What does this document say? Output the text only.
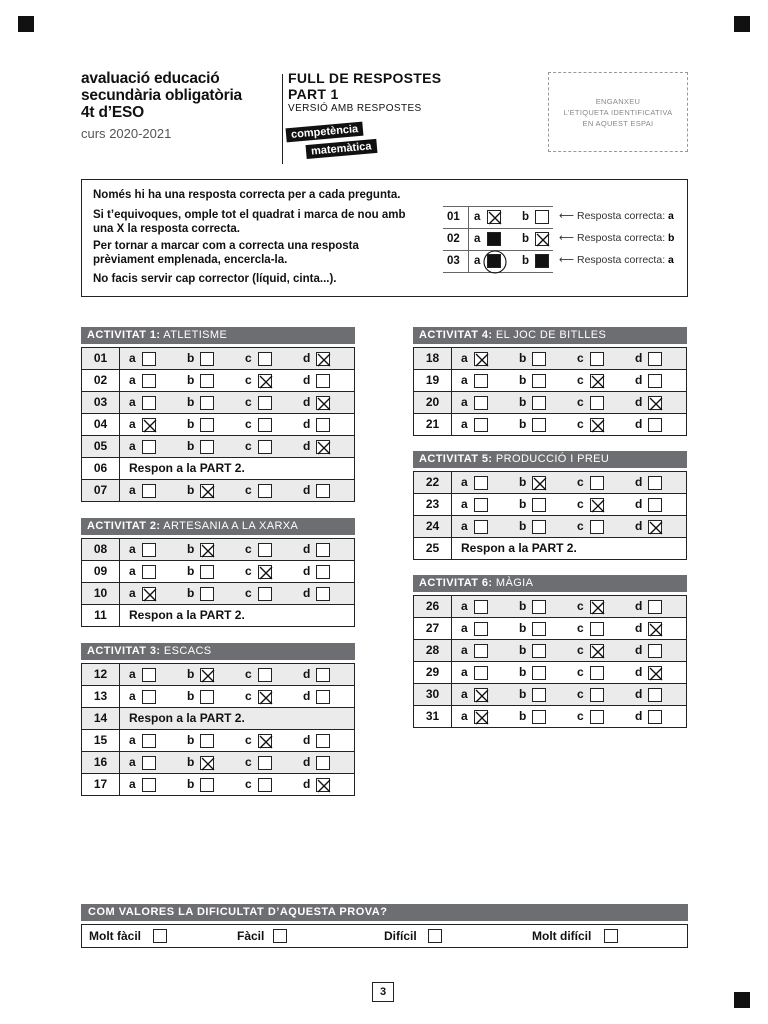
avaluació educació
secundària obligatòria
4t d’ESO
curs 2020-2021
FULL DE RESPOSTES
PART 1
VERSIÓ AMB RESPOSTES
competència
matemàtica
ENGANXEU
L’ETIQUETA IDENTIFICATIVA
EN AQUEST ESPAI

Només hi ha una resposta correcta per a cada pregunta.

Si t’equivoques, omple tot el quadrat i marca de nou amb una X la resposta correcta.

Per tornar a marcar com a correcta una resposta prèviament emplenada, encercla-la.

No facis servir cap corrector (líquid, cinta...).

01 a	b	⟵ Resposta correcta: a
02 a	b	⟵ Resposta correcta: b
03 a	b	⟵ Resposta correcta: a
ACTIVITAT 1: ATLETISME
01	a	b	c	d
02	a	b	c	d
03	a	b	c	d
04	a	b	c	d
05	a	b	c	d
06	Respon a la PART 2.
07	a	b	c	d
ACTIVITAT 2: ARTESANIA A LA XARXA
08	a	b	c	d
09	a	b	c	d
10	a	b	c	d
11	Respon a la PART 2.
ACTIVITAT 3: ESCACS
12	a	b	c	d
13	a	b	c	d
14	Respon a la PART 2.
15	a	b	c	d
16	a	b	c	d
17	a	b	c	d
ACTIVITAT 4: EL JOC DE BITLLES
18	a	b	c	d
19	a	b	c	d
20	a	b	c	d
21	a	b	c	d
ACTIVITAT 5: PRODUCCIÓ I PREU
22	a	b	c	d
23	a	b	c	d
24	a	b	c	d
25	Respon a la PART 2.
ACTIVITAT 6: MÀGIA
26	a	b	c	d
27	a	b	c	d
28	a	b	c	d
29	a	b	c	d
30	a	b	c	d
31	a	b	c	d
COM VALORES LA DIFICULTAT D’AQUESTA PROVA?
Molt fàcil	Fàcil	Difícil	Molt difícil
3
